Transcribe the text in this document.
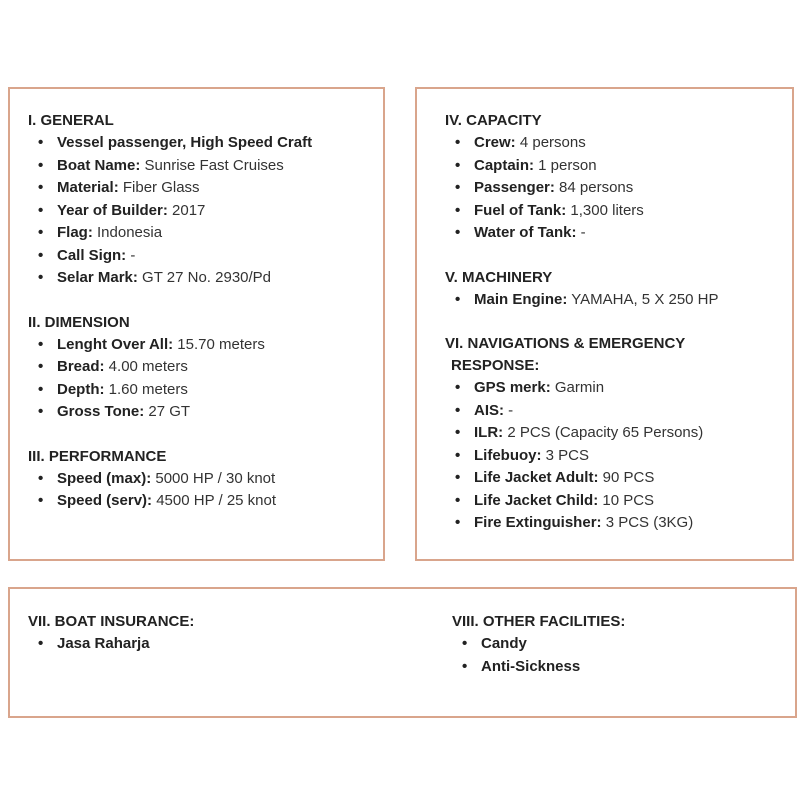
I. GENERAL

• Vessel passenger, High Speed Craft
• Boat Name: Sunrise Fast Cruises
• Material: Fiber Glass
• Year of Builder: 2017
• Flag: Indonesia
• Call Sign: -
• Selar Mark: GT 27 No. 2930/Pd

II. DIMENSION

• Lenght Over All: 15.70 meters
• Bread: 4.00 meters
• Depth: 1.60 meters
• Gross Tone: 27 GT

III. PERFORMANCE

• Speed (max): 5000 HP / 30 knot
• Speed (serv): 4500 HP / 25 knot

IV. CAPACITY

• Crew: 4 persons
• Captain: 1 person
• Passenger: 84 persons
• Fuel of Tank: 1,300 liters
• Water of Tank: -

V. MACHINERY

• Main Engine: YAMAHA, 5 X 250 HP

VI. NAVIGATIONS & EMERGENCY
RESPONSE:

• GPS merk: Garmin
• AIS: -
• ILR: 2 PCS (Capacity 65 Persons)
• Lifebuoy: 3 PCS
• Life Jacket Adult: 90 PCS
• Life Jacket Child: 10 PCS
• Fire Extinguisher: 3 PCS (3KG)

VII. BOAT INSURANCE:

• Jasa Raharja

VIII. OTHER FACILITIES:

• Candy
• Anti-Sickness
